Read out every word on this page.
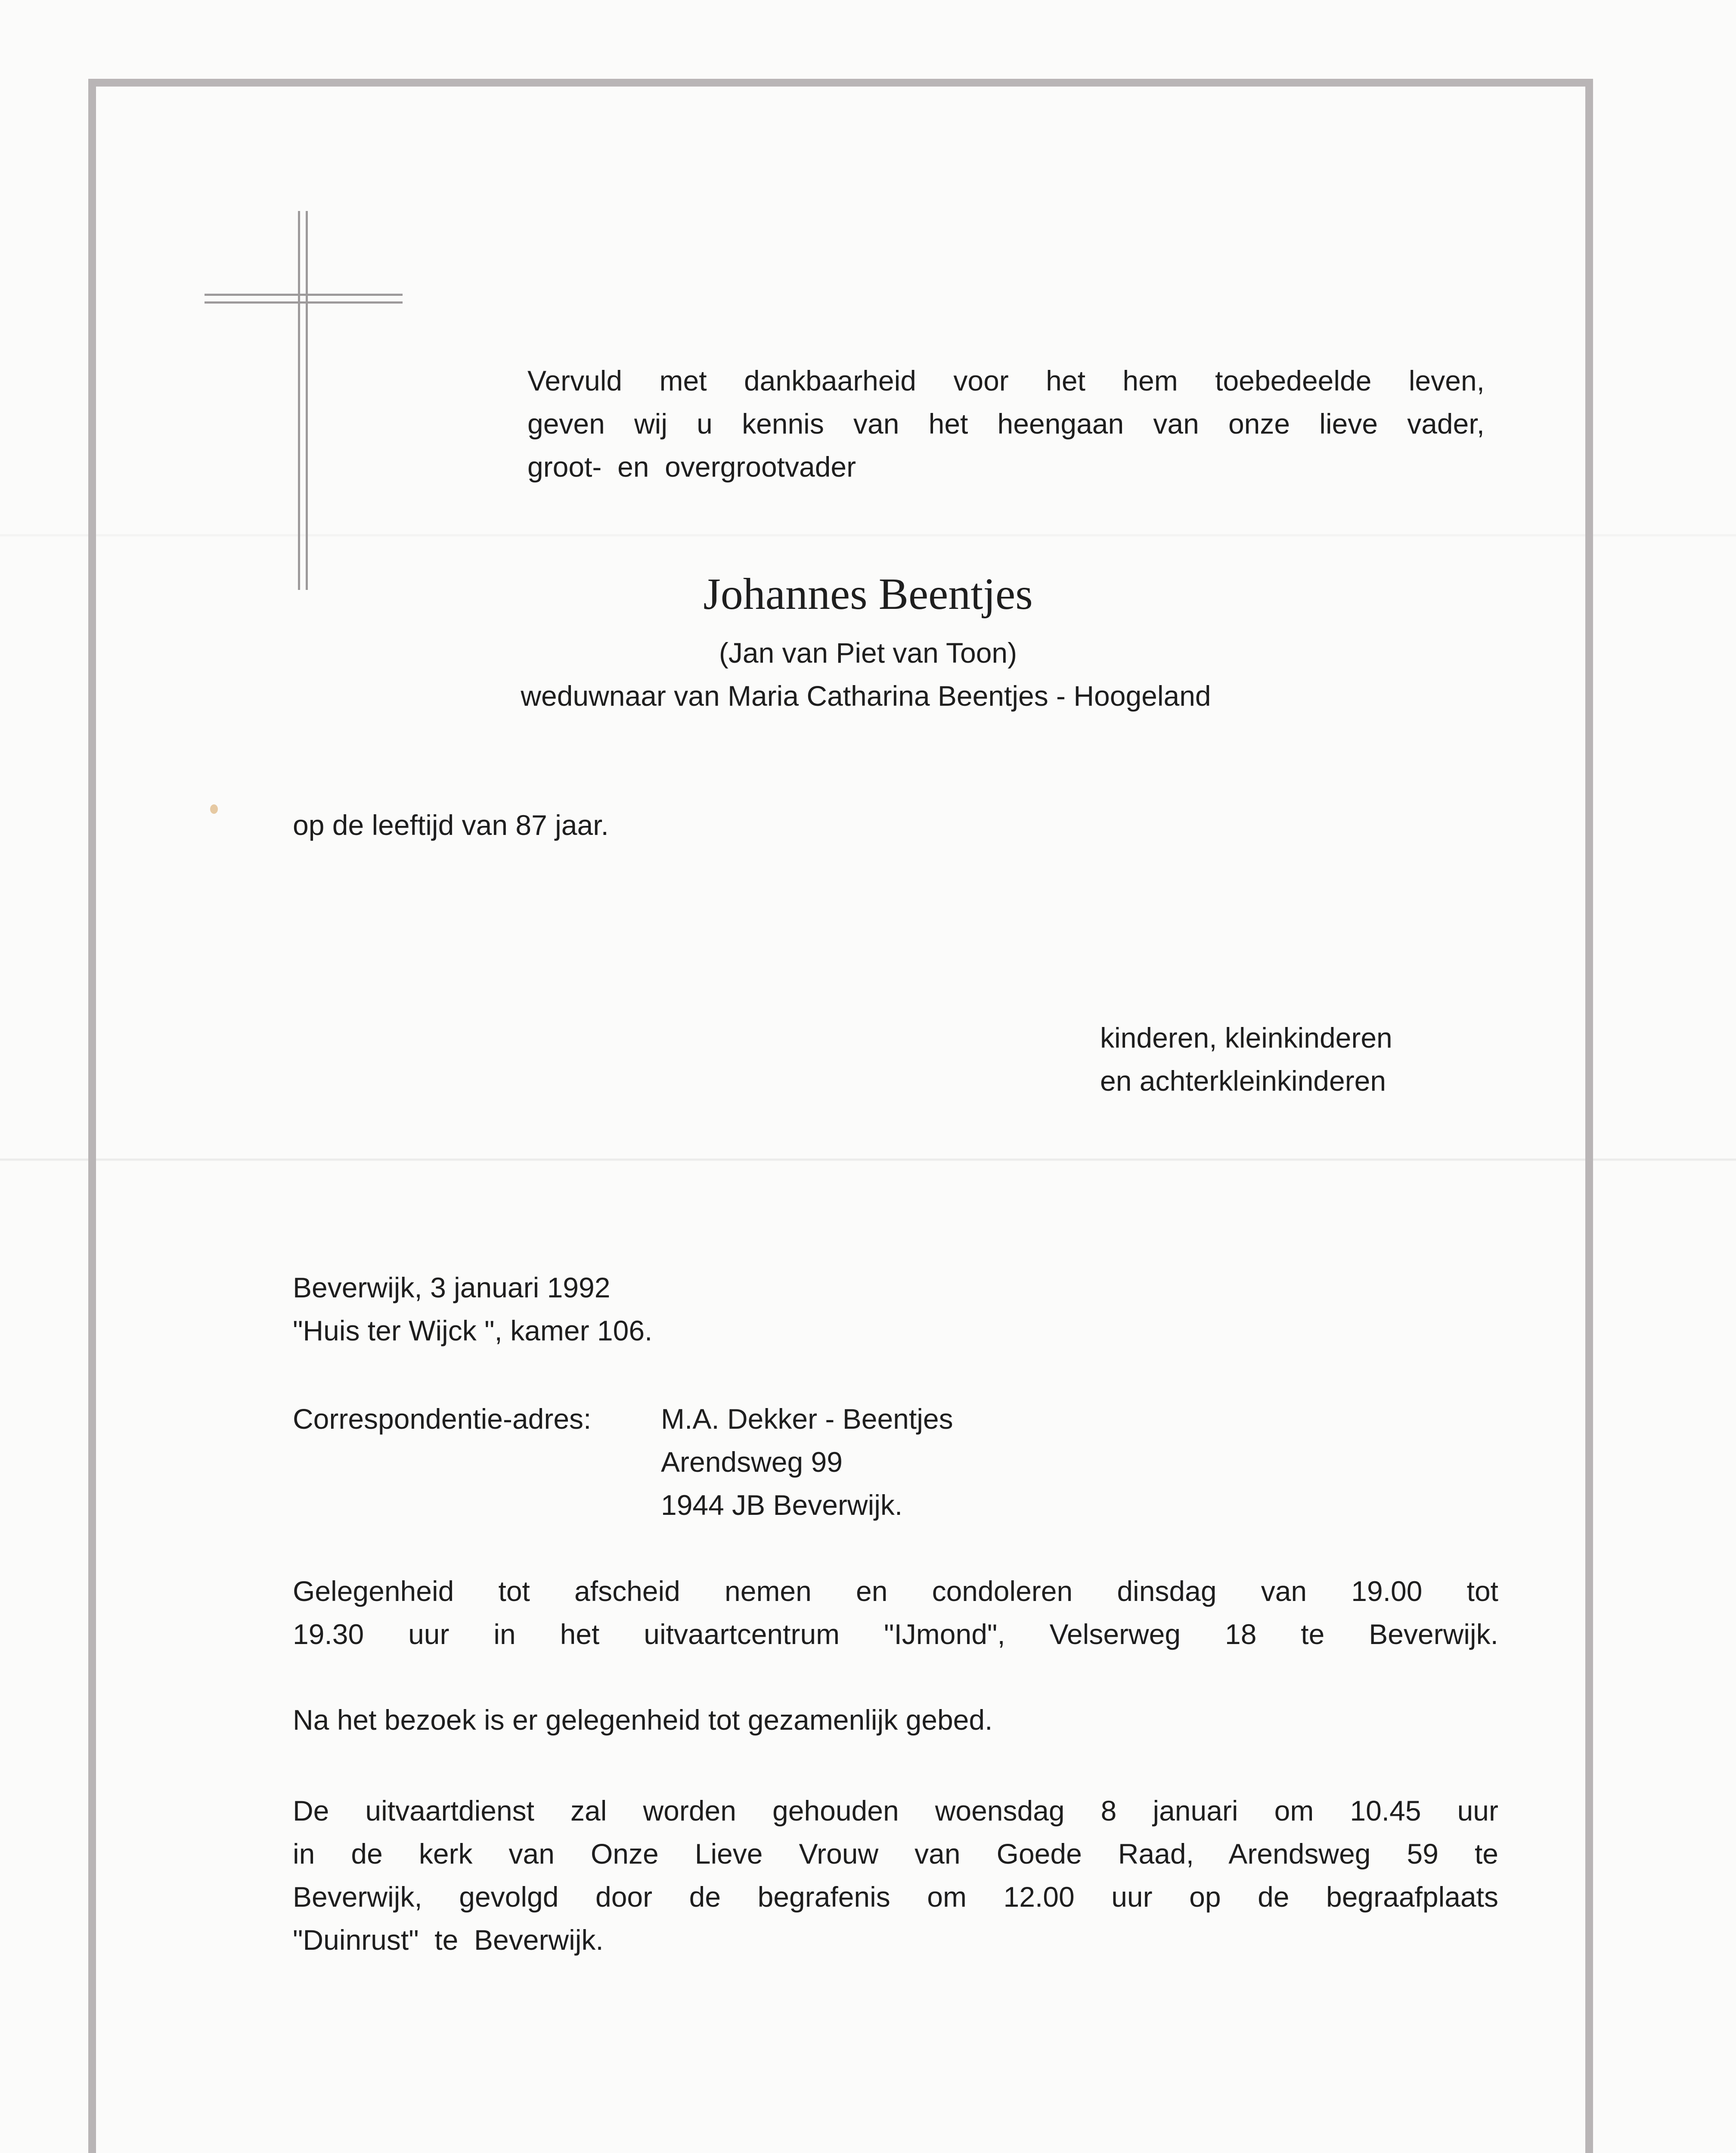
Vervuld met dankbaarheid voor het hem toebedeelde leven,
geven wij u kennis van het heengaan van onze lieve vader,
groot-  en  overgrootvader
Johannes Beentjes
(Jan van Piet van Toon)
weduwnaar van Maria Catharina Beentjes - Hoogeland
op de leeftijd van 87 jaar.
kinderen, kleinkinderen
en achterkleinkinderen
Beverwijk, 3 januari 1992
"Huis ter Wijck ", kamer 106.
Correspondentie-adres: M.A. Dekker - Beentjes
Arendsweg 99
1944 JB Beverwijk.
Gelegenheid tot afscheid nemen en condoleren dinsdag van 19.00 tot
19.30 uur in het uitvaartcentrum "IJmond", Velserweg 18 te Beverwijk.
Na het bezoek is er gelegenheid tot gezamenlijk gebed.
De uitvaartdienst zal worden gehouden woensdag 8 januari om 10.45 uur
in de kerk van Onze Lieve Vrouw van Goede Raad, Arendsweg 59 te
Beverwijk, gevolgd door de begrafenis om 12.00 uur op de begraafplaats
"Duinrust"  te  Beverwijk.
